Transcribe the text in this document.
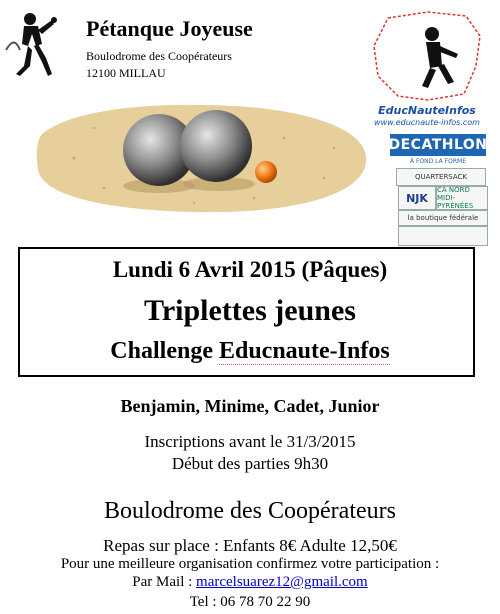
Pétanque Joyeuse
Boulodrome des Coopérateurs
12100 MILLAU
EducNauteInfos
www.educnaute-infos.com
DECATHLON
À FOND LA FORME
QUARTERSACK
NJK
CA NORD MIDI-PYRÉNÉES
la boutique fédérale
Lundi 6 Avril 2015 (Pâques)
Triplettes jeunes
Challenge Educnaute-Infos
Benjamin, Minime, Cadet, Junior
Inscriptions avant le 31/3/2015
Début des parties 9h30
Boulodrome des Coopérateurs
Repas sur place : Enfants 8€ Adulte 12,50€
Pour une meilleure organisation confirmez votre participation :
Par Mail : marcelsuarez12@gmail.com
Tel : 06 78 70 22 90
